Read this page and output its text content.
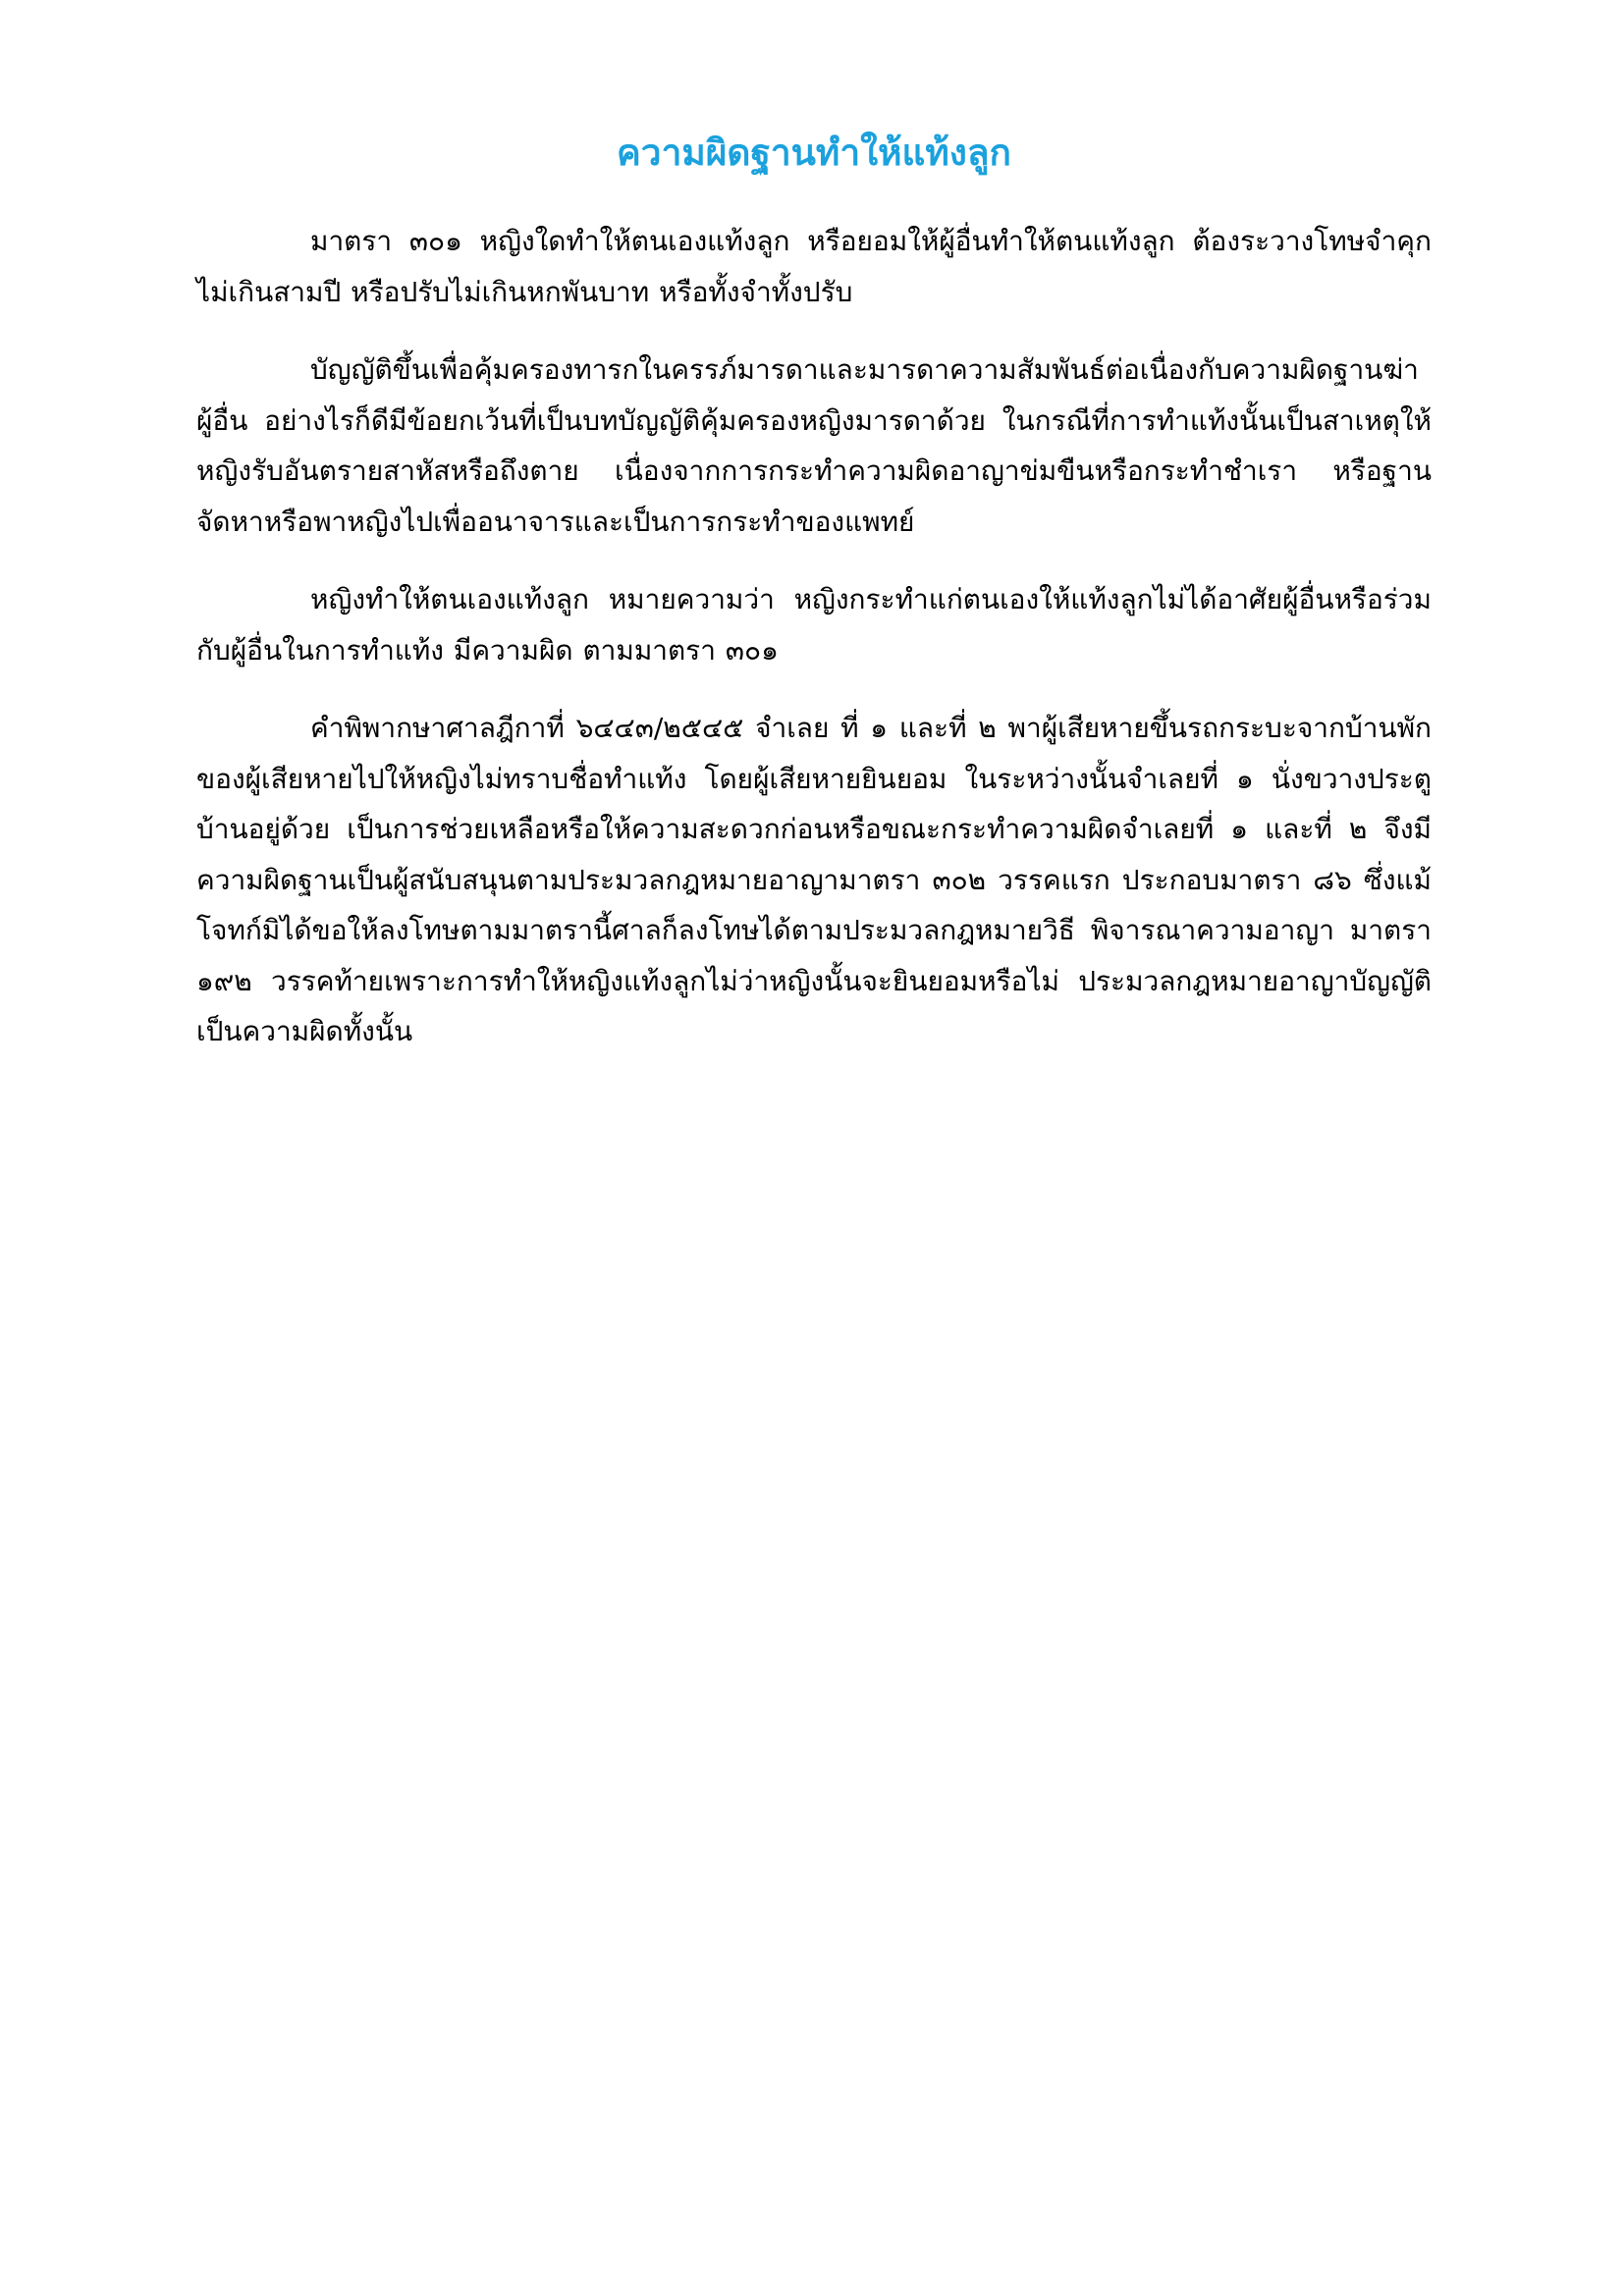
ความผิดฐานทำให้แท้งลูก

มาตรา ๓๐๑ หญิงใดทำให้ตนเองแท้งลูก หรือยอมให้ผู้อื่นทำให้ตนแท้งลูก ต้องระวางโทษจำคุกไม่เกินสามปี หรือปรับไม่เกินหกพันบาท หรือทั้งจำทั้งปรับ

บัญญัติขึ้นเพื่อคุ้มครองทารกในครรภ์มารดาและมารดาความสัมพันธ์ต่อเนื่องกับความผิดฐานฆ่าผู้อื่น อย่างไรก็ดีมีข้อยกเว้นที่เป็นบทบัญญัติคุ้มครองหญิงมารดาด้วย ในกรณีที่การทำแท้งนั้นเป็นสาเหตุให้หญิงรับอันตรายสาหัสหรือถึงตาย เนื่องจากการกระทำความผิดอาญาข่มขืนหรือกระทำชำเรา หรือฐานจัดหาหรือพาหญิงไปเพื่ออนาจารและเป็นการกระทำของแพทย์

หญิงทำให้ตนเองแท้งลูก หมายความว่า หญิงกระทำแก่ตนเองให้แท้งลูกไม่ได้อาศัยผู้อื่นหรือร่วมกับผู้อื่นในการทำแท้ง มีความผิด ตามมาตรา ๓๐๑

คำพิพากษาศาลฎีกาที่ ๖๔๔๓/๒๕๔๕ จำเลย ที่ ๑ และที่ ๒ พาผู้เสียหายขึ้นรถกระบะจากบ้านพักของผู้เสียหายไปให้หญิงไม่ทราบชื่อทำแท้ง โดยผู้เสียหายยินยอม ในระหว่างนั้นจำเลยที่ ๑ นั่งขวางประตูบ้านอยู่ด้วย เป็นการช่วยเหลือหรือให้ความสะดวกก่อนหรือขณะกระทำความผิดจำเลยที่ ๑ และที่ ๒ จึงมีความผิดฐานเป็นผู้สนับสนุนตามประมวลกฎหมายอาญามาตรา ๓๐๒ วรรคแรก ประกอบมาตรา ๘๖ ซึ่งแม้โจทก์มิได้ขอให้ลงโทษตามมาตรานี้ศาลก็ลงโทษได้ตามประมวลกฎหมายวิธี พิจารณาความอาญา มาตรา ๑๙๒ วรรคท้ายเพราะการทำให้หญิงแท้งลูกไม่ว่าหญิงนั้นจะยินยอมหรือไม่ ประมวลกฎหมายอาญาบัญญัติเป็นความผิดทั้งนั้น
